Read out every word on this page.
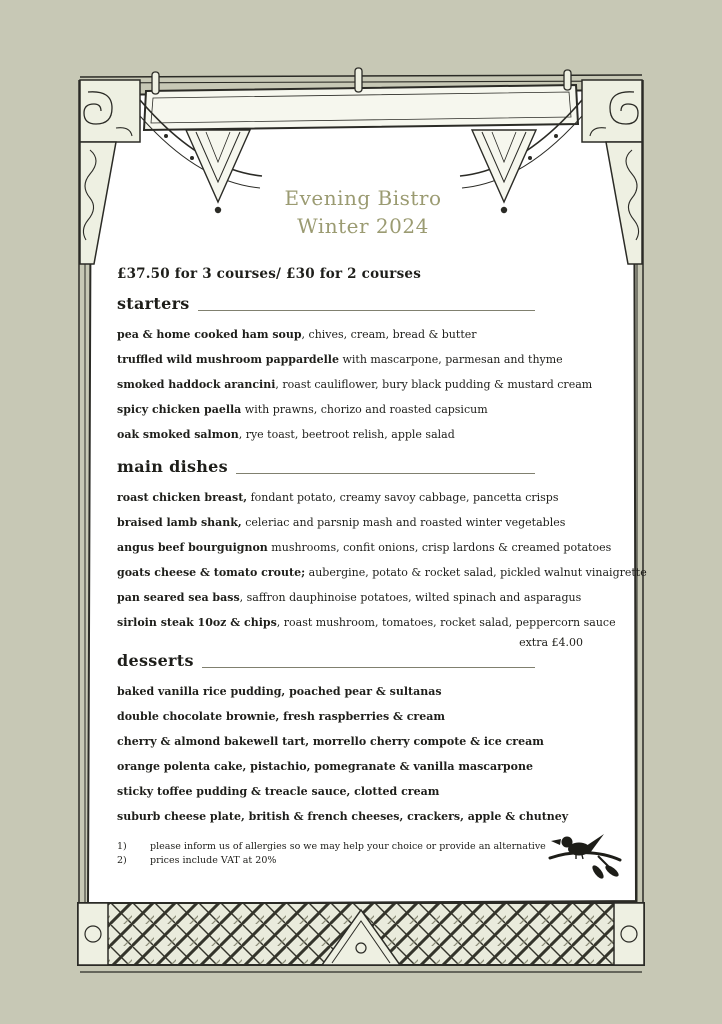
Evening Bistro
Winter 2024
£37.50 for 3 courses/ £30 for 2 courses
starters
pea & home cooked ham soup, chives, cream, bread & butter
truffled wild mushroom pappardelle with mascarpone, parmesan and thyme
smoked haddock arancini, roast cauliflower, bury black pudding & mustard cream
spicy chicken paella with prawns, chorizo and roasted capsicum
oak smoked salmon, rye toast, beetroot relish, apple salad
main dishes
roast chicken breast, fondant potato, creamy savoy cabbage, pancetta crisps
braised lamb shank, celeriac and parsnip mash and roasted winter vegetables
angus beef bourguignon mushrooms, confit onions, crisp lardons & creamed potatoes
goats cheese & tomato croute; aubergine, potato & rocket salad, pickled walnut vinaigrette
pan seared sea bass, saffron dauphinoise potatoes, wilted spinach and asparagus
sirloin steak 10oz & chips, roast mushroom, tomatoes, rocket salad, peppercorn sauce
extra £4.00
desserts
baked vanilla rice pudding, poached pear & sultanas
double chocolate brownie, fresh raspberries & cream
cherry & almond bakewell tart, morrello cherry compote & ice cream
orange polenta cake, pistachio, pomegranate & vanilla mascarpone
sticky toffee pudding & treacle sauce, clotted cream
suburb cheese plate, british & french cheeses, crackers, apple & chutney
1) please inform us of allergies so we may help your choice or provide an alternative
2) prices include VAT at 20%
